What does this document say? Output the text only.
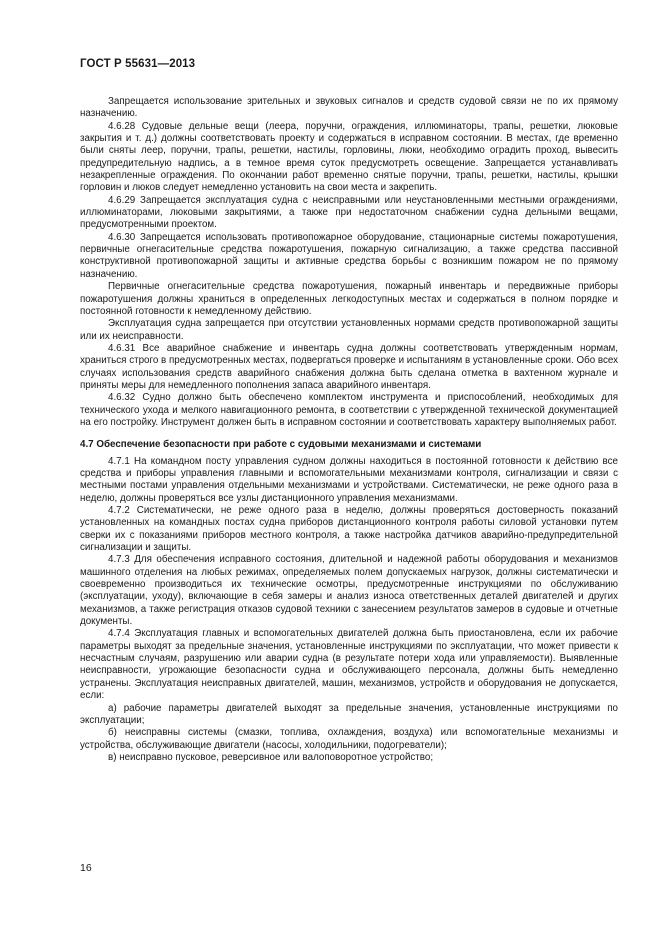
ГОСТ Р 55631—2013

Запрещается использование зрительных и звуковых сигналов и средств судовой связи не по их прямому назначению.

4.6.28 Судовые дельные вещи (леера, поручни, ограждения, иллюминаторы, трапы, решетки, люковые закрытия и т. д.) должны соответствовать проекту и содержаться в исправном состоянии. В местах, где временно были сняты леер, поручни, трапы, решетки, настилы, горловины, люки, необходимо оградить проход, вывесить предупредительную надпись, а в темное время суток предусмотреть освещение. Запрещается устанавливать незакрепленные ограждения. По окончании работ временно снятые поручни, трапы, решетки, настилы, крышки горловин и люков следует немедленно установить на свои места и закрепить.

4.6.29 Запрещается эксплуатация судна с неисправными или неустановленными местными ограждениями, иллюминаторами, люковыми закрытиями, а также при недостаточном снабжении судна дельными вещами, предусмотренными проектом.

4.6.30 Запрещается использовать противопожарное оборудование, стационарные системы пожаротушения, первичные огнегасительные средства пожаротушения, пожарную сигнализацию, а также средства пассивной конструктивной противопожарной защиты и активные средства борьбы с возникшим пожаром не по прямому назначению.

Первичные огнегасительные средства пожаротушения, пожарный инвентарь и передвижные приборы пожаротушения должны храниться в определенных легкодоступных местах и содержаться в полном порядке и постоянной готовности к немедленному действию.

Эксплуатация судна запрещается при отсутствии установленных нормами средств противопожарной защиты или их неисправности.

4.6.31 Все аварийное снабжение и инвентарь судна должны соответствовать утвержденным нормам, храниться строго в предусмотренных местах, подвергаться проверке и испытаниям в установленные сроки. Обо всех случаях использования средств аварийного снабжения должна быть сделана отметка в вахтенном журнале и приняты меры для немедленного пополнения запаса аварийного инвентаря.

4.6.32 Судно должно быть обеспечено комплектом инструмента и приспособлений, необходимых для технического ухода и мелкого навигационного ремонта, в соответствии с утвержденной технической документацией на его постройку. Инструмент должен быть в исправном состоянии и соответствовать характеру выполняемых работ.

4.7 Обеспечение безопасности при работе с судовыми механизмами и системами

4.7.1 На командном посту управления судном должны находиться в постоянной готовности к действию все средства и приборы управления главными и вспомогательными механизмами контроля, сигнализации и связи с местными постами управления отдельными механизмами и устройствами. Систематически, не реже одного раза в неделю, должны проверяться все узлы дистанционного управления механизмами.

4.7.2 Систематически, не реже одного раза в неделю, должны проверяться достоверность показаний установленных на командных постах судна приборов дистанционного контроля работы силовой установки путем сверки их с показаниями приборов местного контроля, а также настройка датчиков аварийно-предупредительной сигнализации и защиты.

4.7.3 Для обеспечения исправного состояния, длительной и надежной работы оборудования и механизмов машинного отделения на любых режимах, определяемых полем допускаемых нагрузок, должны систематически и своевременно производиться их технические осмотры, предусмотренные инструкциями по обслуживанию (эксплуатации, уходу), включающие в себя замеры и анализ износа ответственных деталей двигателей и других механизмов, а также регистрация отказов судовой техники с занесением результатов замеров в судовые и отчетные документы.

4.7.4 Эксплуатация главных и вспомогательных двигателей должна быть приостановлена, если их рабочие параметры выходят за предельные значения, установленные инструкциями по эксплуатации, что может привести к несчастным случаям, разрушению или аварии судна (в результате потери хода или управляемости). Выявленные неисправности, угрожающие безопасности судна и обслуживающего персонала, должны быть немедленно устранены. Эксплуатация неисправных двигателей, машин, механизмов, устройств и оборудования не допускается, если:

а) рабочие параметры двигателей выходят за предельные значения, установленные инструкциями по эксплуатации;

б) неисправны системы (смазки, топлива, охлаждения, воздуха) или вспомогательные механизмы и устройства, обслуживающие двигатели (насосы, холодильники, подогреватели);

в) неисправно пусковое, реверсивное или валоповоротное устройство;

16
